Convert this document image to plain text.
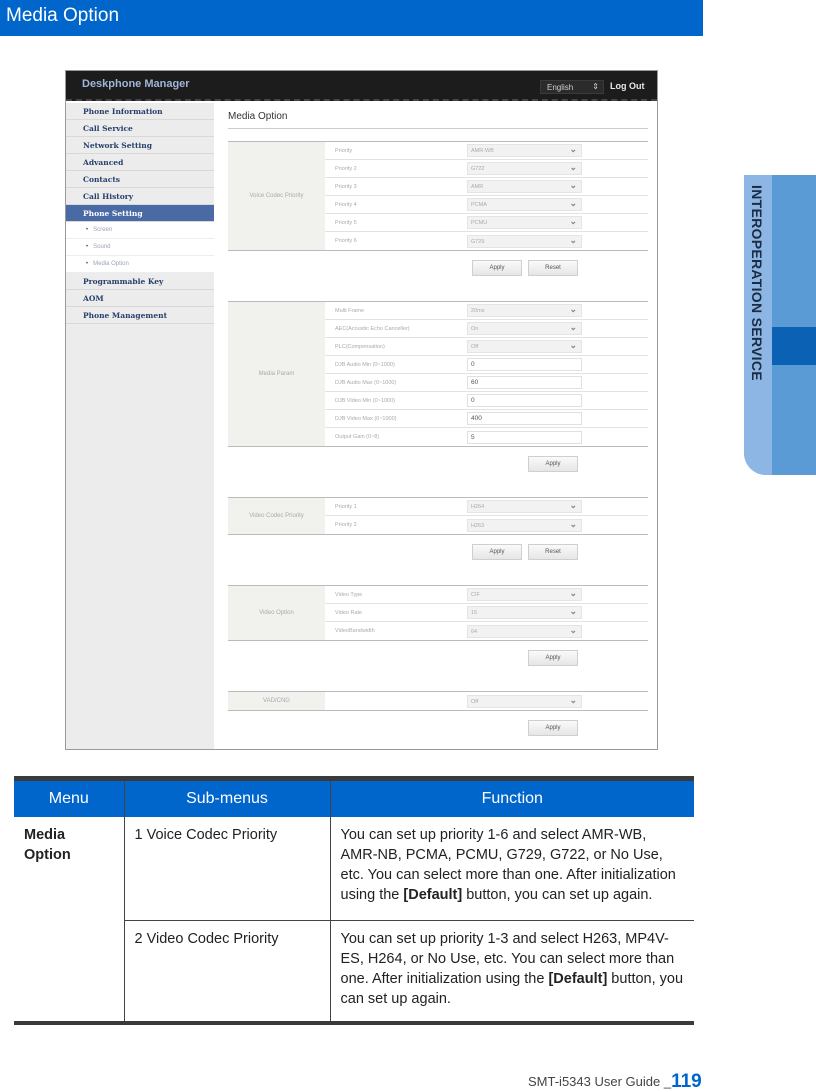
Media Option
INTEROPERATION SERVICE
Deskphone Manager	English ⇕ Log Out
Phone Information
Call Service
Network Setting
Advanced
Contacts
Call History
Phone Setting
• Screen
• Sound
• Media Option
Programmable Key
AOM
Phone Management
Media Option
Voice Codec Priority
Priority	AMR-WB	⌄
Priority 2	G722	⌄
Priority 3	AMR	⌄
Priority 4	PCMA	⌄
Priority 5	PCMU	⌄
Priority 6	G729	⌄
Apply	Reset
Media Param
Multi Frame	20ms	⌄
AEC(Acoustic Echo Canceller)	On	⌄
PLC(Compensation)	Off	⌄
DJB Audio Min (0~1000)	0
DJB Audio Max (0~1000)	60
DJB Video Min (0~1000)	0
DJB Video Max (0~1000)	400
Output Gain (0~8)	5
Apply
Video Codec Priority
Priority 1	H264	⌄
Priority 2	H263	⌄
Apply	Reset
Video Option
Video Type	CIF	⌄
Video Rate	15	⌄
VideoBandwidth	64	⌄
Apply
VAD/CNG	Off	⌄
Apply
Menu	Sub-menus	Function
Media Option	1 Voice Codec Priority	You can set up priority 1-6 and select AMR-WB, AMR-NB, PCMA, PCMU, G729, G722, or No Use, etc. You can select more than one. After initialization using the [Default] button, you can set up again.
	2 Video Codec Priority	You can set up priority 1-3 and select H263, MP4V-ES, H264, or No Use, etc. You can select more than one. After initialization using the [Default] button, you can set up again.
SMT-i5343 User Guide _119
